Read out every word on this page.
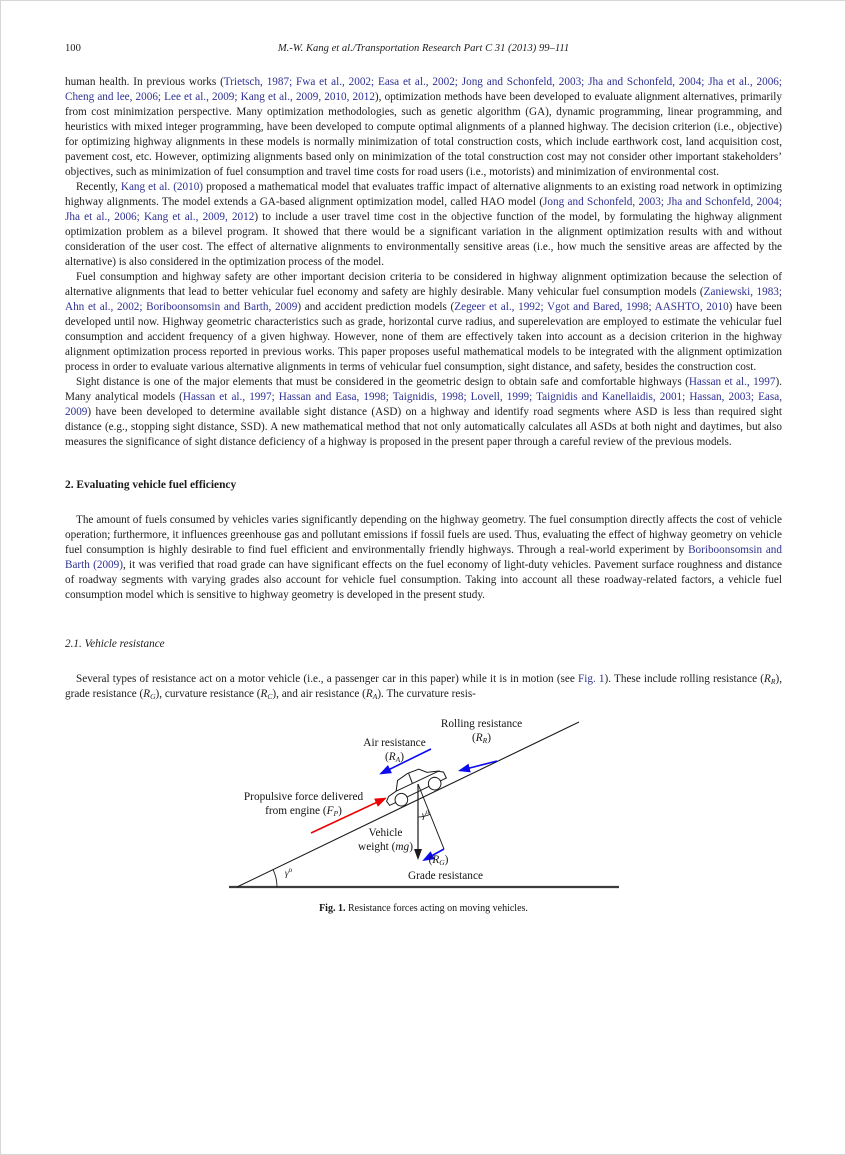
100	M.-W. Kang et al./Transportation Research Part C 31 (2013) 99–111

human health. In previous works (Trietsch, 1987; Fwa et al., 2002; Easa et al., 2002; Jong and Schonfeld, 2003; Jha and Schonfeld, 2004; Jha et al., 2006; Cheng and lee, 2006; Lee et al., 2009; Kang et al., 2009, 2010, 2012), optimization methods have been developed to evaluate alignment alternatives, primarily from cost minimization perspective. Many optimization methodologies, such as genetic algorithm (GA), dynamic programming, linear programming, and heuristics with mixed integer programming, have been developed to compute optimal alignments of a planned highway. The decision criterion (i.e., objective) for optimizing highway alignments in these models is normally minimization of total construction costs, which include earthwork cost, land acquisition cost, pavement cost, etc. However, optimizing alignments based only on minimization of the total construction cost may not consider other important stakeholders’ objectives, such as minimization of fuel consumption and travel time costs for road users (i.e., motorists) and minimization of environmental cost.

Recently, Kang et al. (2010) proposed a mathematical model that evaluates traffic impact of alternative alignments to an existing road network in optimizing highway alignments. The model extends a GA-based alignment optimization model, called HAO model (Jong and Schonfeld, 2003; Jha and Schonfeld, 2004; Jha et al., 2006; Kang et al., 2009, 2012) to include a user travel time cost in the objective function of the model, by formulating the highway alignment optimization problem as a bilevel program. It showed that there would be a significant variation in the alignment optimization results with and without consideration of the user cost. The effect of alternative alignments to environmentally sensitive areas (i.e., how much the sensitive areas are affected by the alternative) is also considered in the optimization process of the model.

Fuel consumption and highway safety are other important decision criteria to be considered in highway alignment optimization because the selection of alternative alignments that lead to better vehicular fuel economy and safety are highly desirable. Many vehicular fuel consumption models (Zaniewski, 1983; Ahn et al., 2002; Boriboonsomsin and Barth, 2009) and accident prediction models (Zegeer et al., 1992; Vgot and Bared, 1998; AASHTO, 2010) have been developed until now. Highway geometric characteristics such as grade, horizontal curve radius, and superelevation are employed to estimate the vehicular fuel consumption and accident frequency of a given highway. However, none of them are effectively taken into account as a decision criterion in the highway alignment optimization process reported in previous works. This paper proposes useful mathematical models to be integrated with the alignment optimization process in order to evaluate various alternative alignments in terms of vehicular fuel consumption, sight distance, and safety, besides the construction cost.

Sight distance is one of the major elements that must be considered in the geometric design to obtain safe and comfortable highways (Hassan et al., 1997). Many analytical models (Hassan et al., 1997; Hassan and Easa, 1998; Taignidis, 1998; Lovell, 1999; Taignidis and Kanellaidis, 2001; Hassan, 2003; Easa, 2009) have been developed to determine available sight distance (ASD) on a highway and identify road segments where ASD is less than required sight distance (e.g., stopping sight distance, SSD). A new mathematical method that not only automatically calculates all ASDs at both night and daytimes, but also measures the significance of sight distance deficiency of a highway is proposed in the present paper through a careful review of the previous models.

2. Evaluating vehicle fuel efficiency

The amount of fuels consumed by vehicles varies significantly depending on the highway geometry. The fuel consumption directly affects the cost of vehicle operation; furthermore, it influences greenhouse gas and pollutant emissions if fossil fuels are used. Thus, evaluating the effect of highway geometry on vehicle fuel consumption is highly desirable to find fuel efficient and environmentally friendly highways. Through a real-world experiment by Boriboonsomsin and Barth (2009), it was verified that road grade can have significant effects on the fuel economy of light-duty vehicles. Pavement surface roughness and distance of roadway segments with varying grades also account for vehicle fuel consumption. Taking into account all these roadway-related factors, a vehicle fuel consumption model which is sensitive to highway geometry is developed in the present study.

2.1. Vehicle resistance

Several types of resistance act on a motor vehicle (i.e., a passenger car in this paper) while it is in motion (see Fig. 1). These include rolling resistance $(R_R)$, grade resistance $(R_G)$, curvature resistance $(R_C)$, and air resistance $(R_A)$. The curvature resis-

Rolling resistance
$(R_R)$
Air resistance
$(R_A)$
Propulsive force delivered
from engine $(F_P)$
Vehicle
weight (mg)
$(R_G)$
Grade resistance
$\gamma^o$
$\gamma^o$
Fig. 1. Resistance forces acting on moving vehicles.
